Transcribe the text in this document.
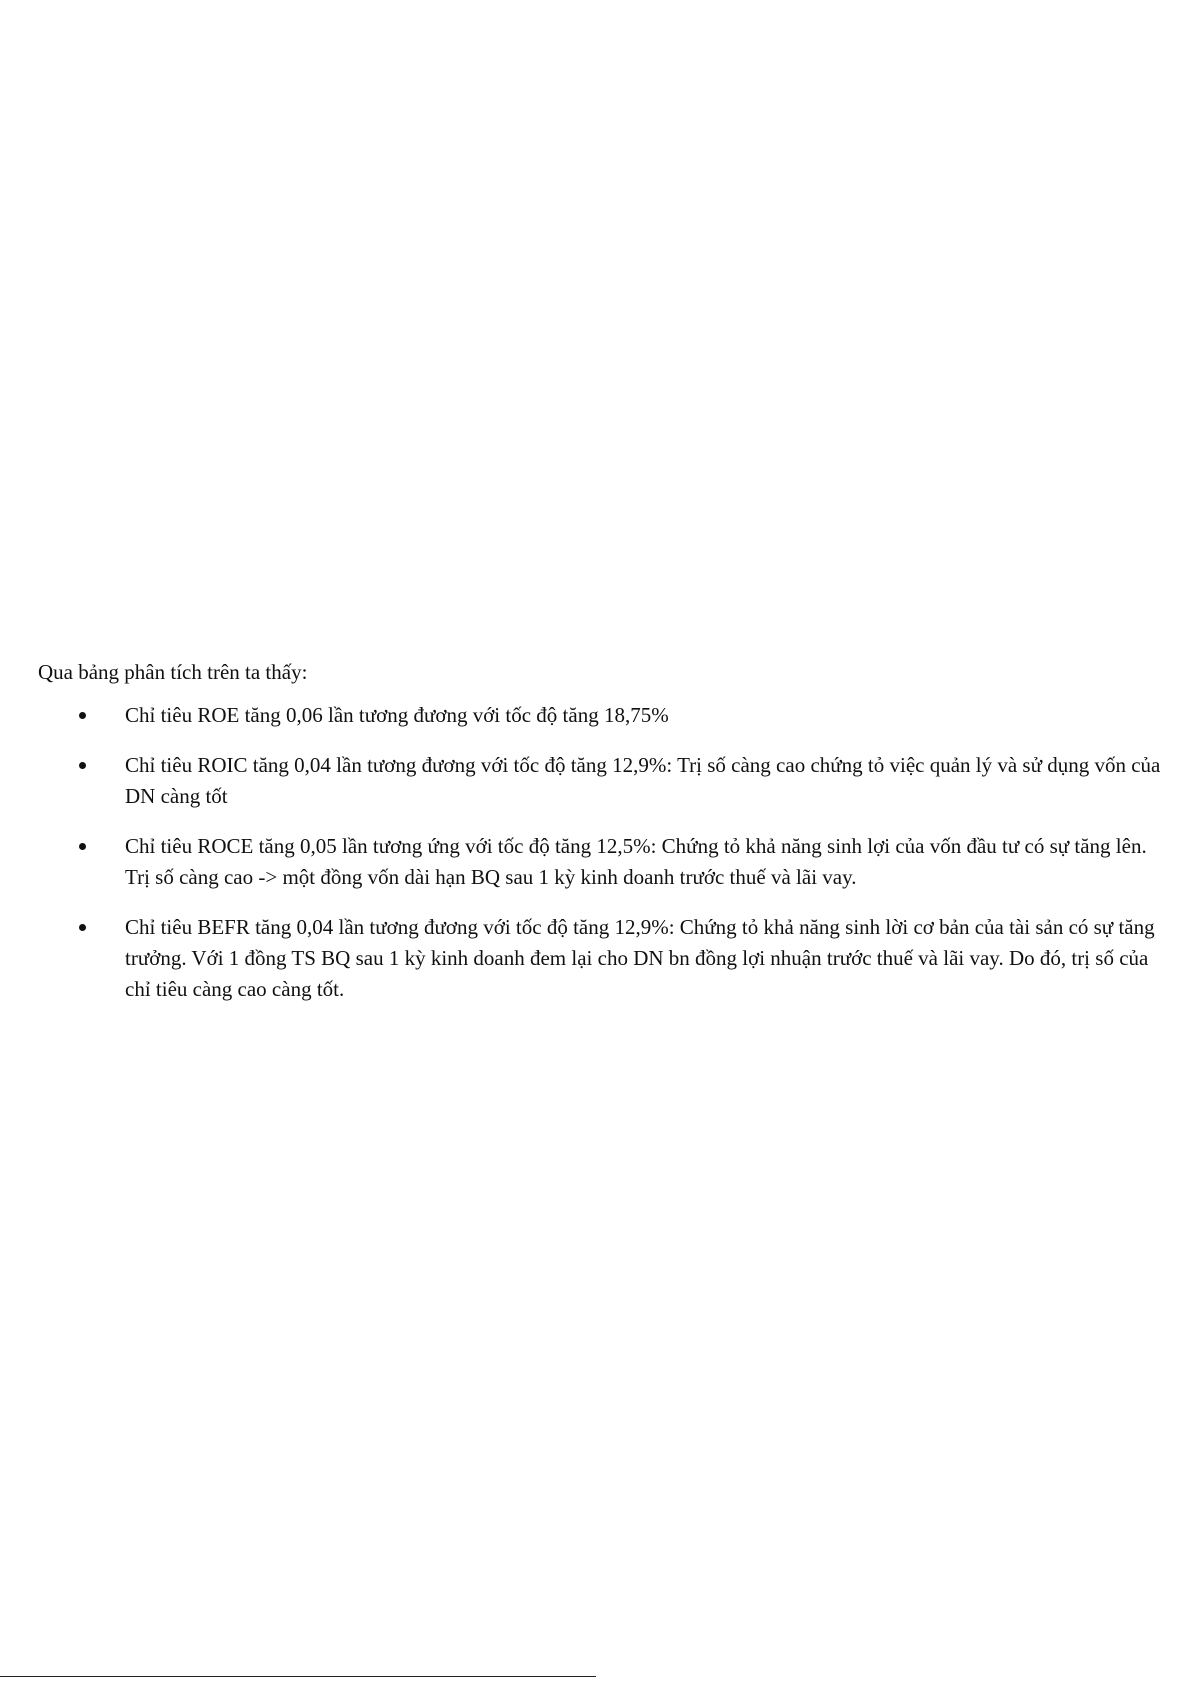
Qua bảng phân tích trên ta thấy:

Chỉ tiêu ROE tăng 0,06 lần tương đương với tốc độ tăng 18,75%
Chỉ tiêu ROIC tăng 0,04 lần tương đương với tốc độ tăng 12,9%: Trị số càng cao chứng tỏ việc quản lý và sử dụng vốn của DN càng tốt
Chỉ tiêu ROCE tăng 0,05 lần tương ứng với tốc độ tăng 12,5%: Chứng tỏ khả năng sinh lợi của vốn đầu tư có sự tăng lên. Trị số càng cao -> một đồng vốn dài hạn BQ sau 1 kỳ kinh doanh trước thuế và lãi vay.
Chỉ tiêu BEFR tăng 0,04 lần tương đương với tốc độ tăng 12,9%: Chứng tỏ khả năng sinh lời cơ bản của tài sản có sự tăng trưởng. Với 1 đồng TS BQ sau 1 kỳ kinh doanh đem lại cho DN bn đồng lợi nhuận trước thuế và lãi vay. Do đó, trị số của chỉ tiêu càng cao càng tốt.
